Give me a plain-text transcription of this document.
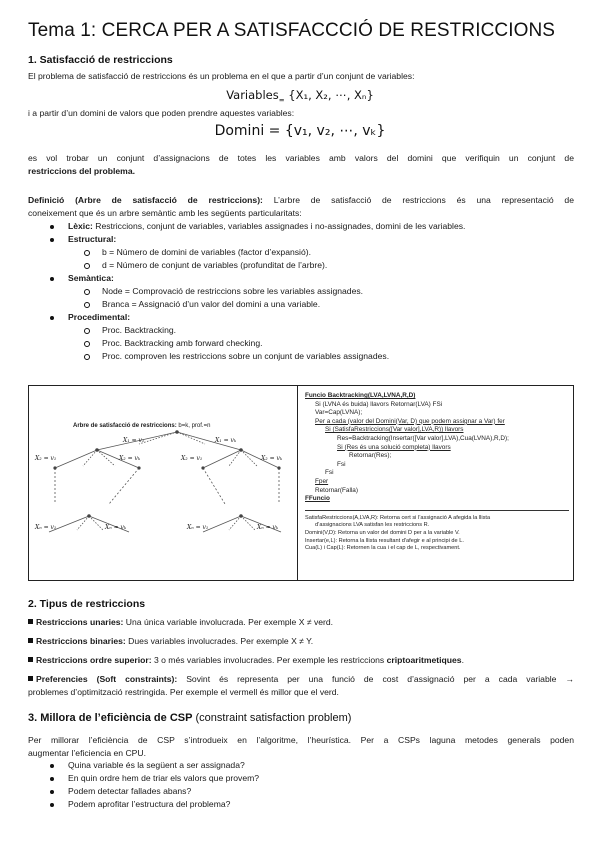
Tema 1: CERCA PER A SATISFACCCIÓ DE RESTRICCIONS
1. Satisfacció de restriccions

El problema de satisfacció de restriccions és un problema en el que a partir d’un conjunt de variables:

Variables$_=$ {X₁, X₂, ⋯, Xₙ}

i a partir d’un domini de valors que poden prendre aquestes variables:

Domini = {v₁, v₂, ⋯, vₖ}

es vol trobar un conjunt d’assignacions de totes les variables amb valors del domini que verifiquin un conjunt de

restriccions del problema.

Definició (Arbre de satisfacció de restriccions): L’arbre de satisfacció de restriccions és una representació de

coneixement que és un arbre semàntic amb les següents particularitats:

Lèxic: Restriccions, conjunt de variables, variables assignades i no-assignades, domini de les variables.
Estructural:
b = Número de domini de variables (factor d’expansió).
d = Número de conjunt de variables (profunditat de l’arbre).
Semàntica:
Node = Comprovació de restriccions sobre les variables assignades.
Branca = Assignació d’un valor del domini a una variable.
Procedimental:
Proc. Backtracking.
Proc. Backtracking amb forward checking.
Proc. comproven les restriccions sobre un conjunt de variables assignades.
Arbre de satisfacció de restriccions: b=k, prof.=n
X₁ = v₁	X₁ = vₖ
X₂ = v₁	X₂ = vₖ	X₂ = v₁	X₂ = vₖ
Xₙ = v₁	Xₙ = vₖ	Xₙ = v₁	Xₙ = vₖ
Funcio Backtracking(LVA,LVNA,R,D)
Si (LVNA és buida) llavors Retornar(LVA) FSi
Var=Cap(LVNA);
Per a cada (valor del Domini(Var, D) que podem assignar a Var) fer
Si (SatisfaRestriccions([Var valor],LVA,R)) llavors
Res=Backtracking(Insertar([Var valor],LVA),Cua(LVNA),R,D);
Si (Res és una solució completa) llavors
Retornar(Res);
Fsi
Fsi
Fper
Retornar(Falla)
FFuncio
SatisfaRestriccions(A,LVA,R): Retorna cert si l’assignació A afegida la llista
d’assignacions LVA satisfan les restriccions R.
Domini(V,D): Retorna un valor del domini D per a la variable V.
Insertar(e,L): Retorna la llista resultant d’afegir e al principi de L.
Cua(L) i Cap(L): Retornen la cua i el cap de L, respectivament.
2. Tipus de restriccions

Restriccions unaries: Una única variable involucrada. Per exemple X ≠ verd.

Restriccions binaries: Dues variables involucrades. Per exemple X ≠ Y.

Restriccions ordre superior: 3 o més variables involucrades. Per exemple les restriccions criptoaritmetiques.

Preferencies (Soft constraints): Sovint és representa per una funció de cost d’assignació per a cada variable →

problemes d’optimització restringida. Per exemple el vermell és millor que el verd.

3. Millora de l’eficiència de CSP (constraint satisfaction problem)

Per millorar l’eficiència de CSP s’introdueix en l’algoritme, l’heurística. Per a CSPs laguna metodes generals poden

augmentar l’eficiencia en CPU.

Quina variable és la següent a ser assignada?
En quin ordre hem de triar els valors que provem?
Podem detectar fallades abans?
Podem aprofitar l’estructura del problema?
